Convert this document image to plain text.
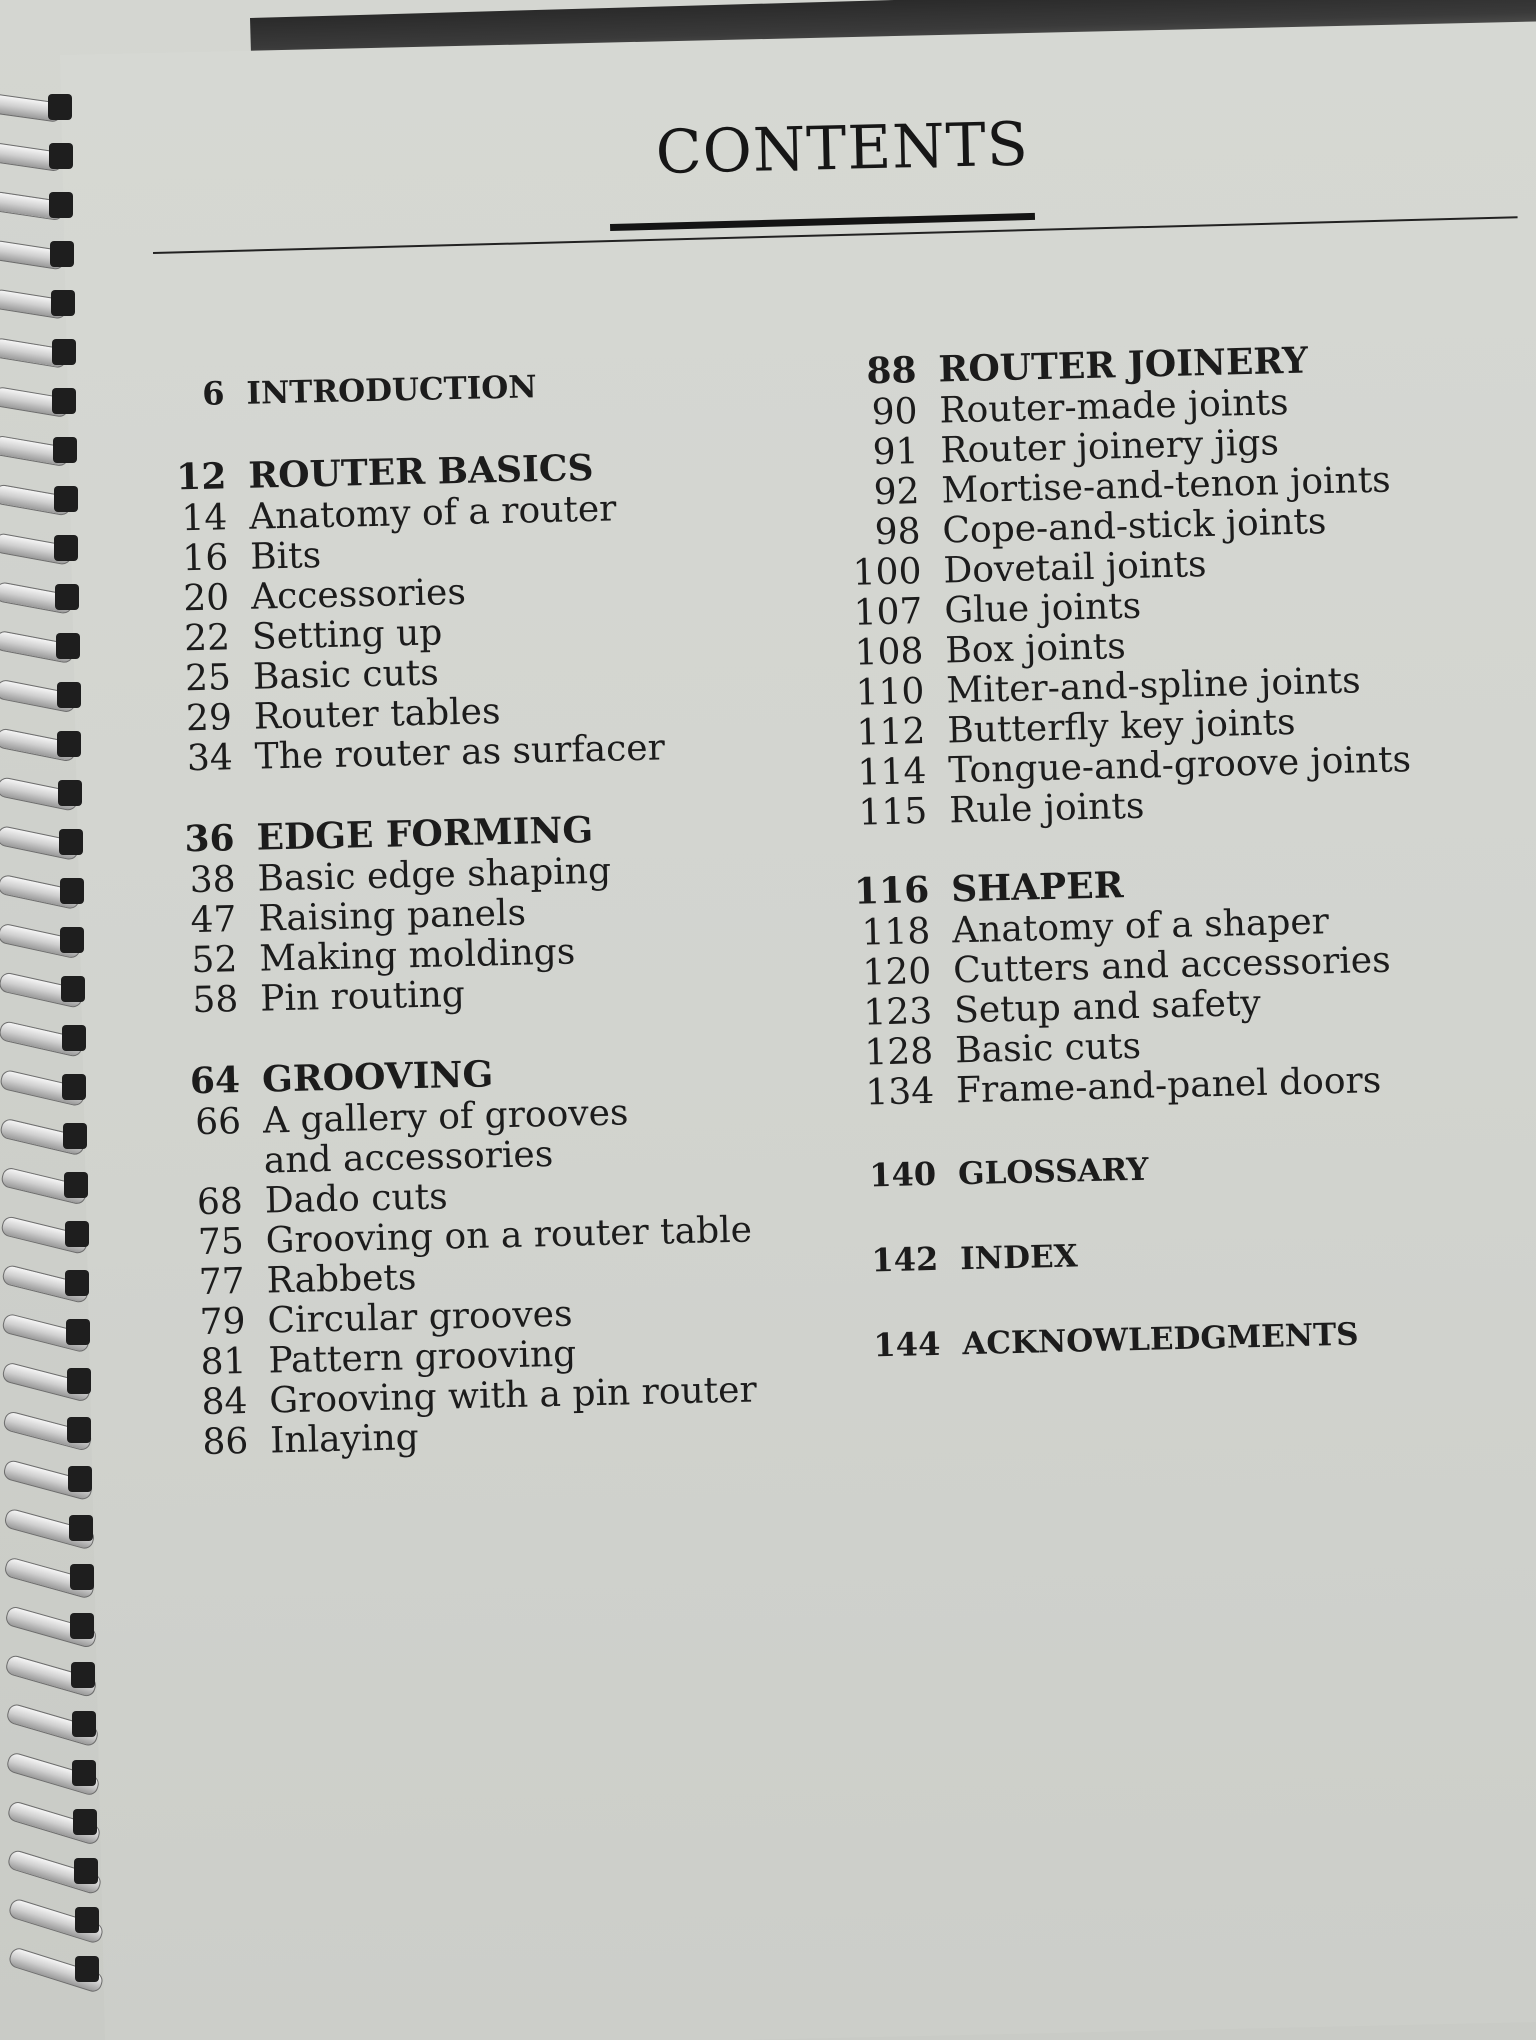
CONTENTS
6 INTRODUCTION
12 ROUTER BASICS
14 Anatomy of a router
16 Bits
20 Accessories
22 Setting up
25 Basic cuts
29 Router tables
34 The router as surfacer
36 EDGE FORMING
38 Basic edge shaping
47 Raising panels
52 Making moldings
58 Pin routing
64 GROOVING
66 A gallery of grooves
and accessories
68 Dado cuts
75 Grooving on a router table
77 Rabbets
79 Circular grooves
81 Pattern grooving
84 Grooving with a pin router
86 Inlaying
88 ROUTER JOINERY
90 Router-made joints
91 Router joinery jigs
92 Mortise-and-tenon joints
98 Cope-and-stick joints
100 Dovetail joints
107 Glue joints
108 Box joints
110 Miter-and-spline joints
112 Butterfly key joints
114 Tongue-and-groove joints
115 Rule joints
116 SHAPER
118 Anatomy of a shaper
120 Cutters and accessories
123 Setup and safety
128 Basic cuts
134 Frame-and-panel doors
140 GLOSSARY
142 INDEX
144 ACKNOWLEDGMENTS
